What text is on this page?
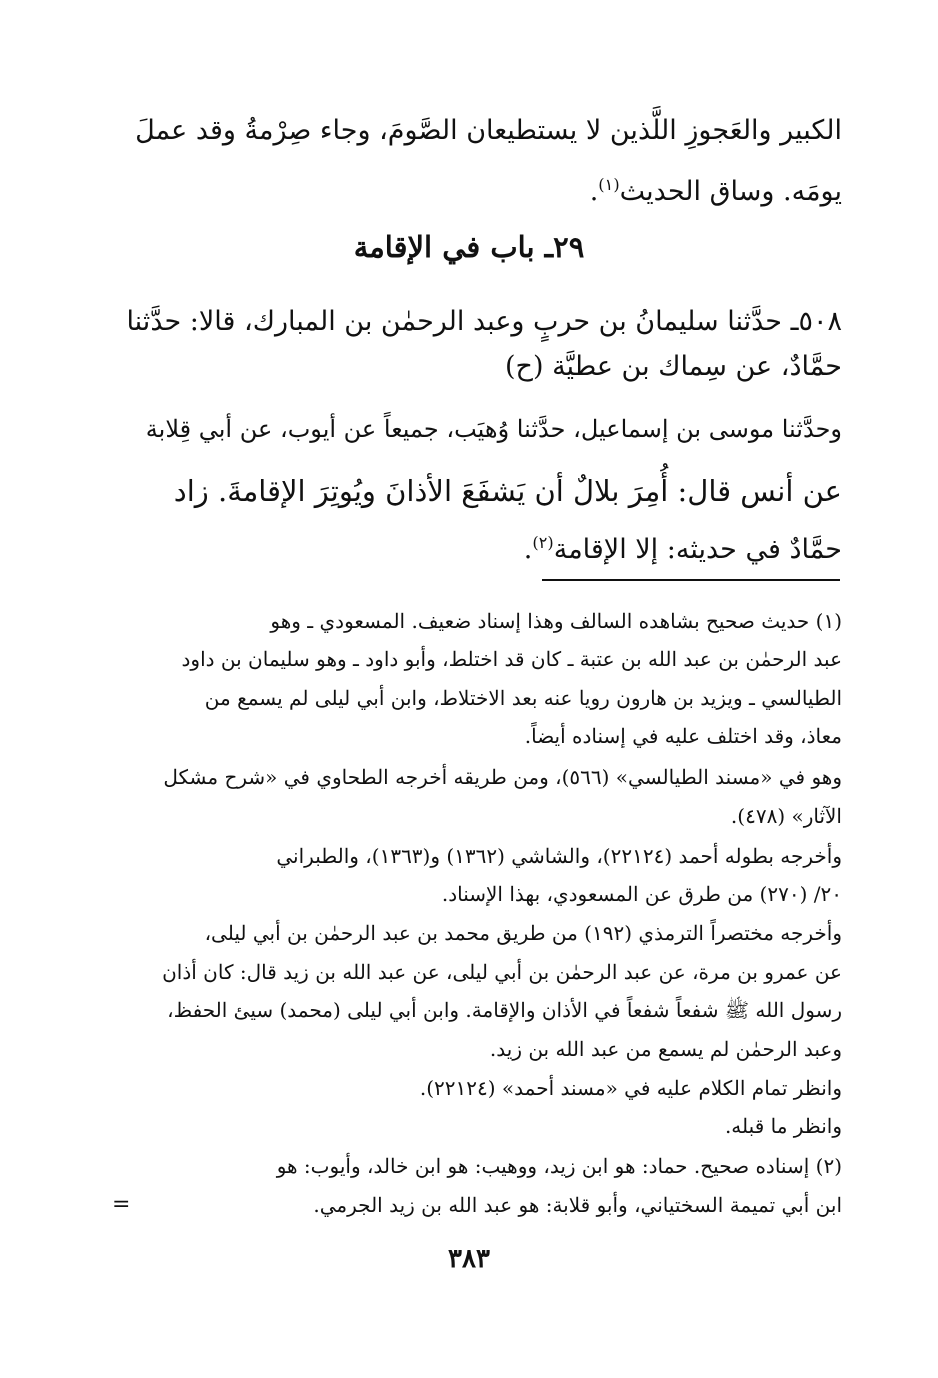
الكبير والعَجوزِ اللَّذين لا يستطيعان الصَّومَ، وجاء صِرْمةُ وقد عملَ
يومَه. وساق الحديث$^{(١)}$.
٢٩ـ باب في الإقامة
٥٠٨ـ حدَّثنا سليمانُ بن حربٍ وعبد الرحمٰن بن المبارك، قالا: حدَّثنا
حمَّادٌ، عن سِماك بن عطيَّة (ح)
وحدَّثنا موسى بن إسماعيل، حدَّثنا وُهيَب، جميعاً عن أيوب، عن أبي قِلابة
عن أنس قال: أُمِرَ بلالٌ أن يَشفَعَ الأذانَ ويُوتِرَ الإقامةَ. زاد
حمَّادٌ في حديثه: إلا الإقامة$^{(٢)}$.
(١) حديث صحيح بشاهده السالف وهذا إسناد ضعيف. المسعودي ـ وهو
عبد الرحمٰن بن عبد الله بن عتبة ـ كان قد اختلط، وأبو داود ـ وهو سليمان بن داود
الطيالسي ـ ويزيد بن هارون رويا عنه بعد الاختلاط، وابن أبي ليلى لم يسمع من
معاذ، وقد اختلف عليه في إسناده أيضاً.
وهو في «مسند الطيالسي» (٥٦٦)، ومن طريقه أخرجه الطحاوي في «شرح مشكل
الآثار» (٤٧٨).
وأخرجه بطوله أحمد (٢٢١٢٤)، والشاشي (١٣٦٢) و(١٣٦٣)، والطبراني
٢٠/ (٢٧٠) من طرق عن المسعودي، بهذا الإسناد.
وأخرجه مختصراً الترمذي (١٩٢) من طريق محمد بن عبد الرحمٰن بن أبي ليلى،
عن عمرو بن مرة، عن عبد الرحمٰن بن أبي ليلى، عن عبد الله بن زيد قال: كان أذان
رسول الله ﷺ شفعاً شفعاً في الأذان والإقامة. وابن أبي ليلى (محمد) سيئ الحفظ،
وعبد الرحمٰن لم يسمع من عبد الله بن زيد.
وانظر تمام الكلام عليه في «مسند أحمد» (٢٢١٢٤).
وانظر ما قبله.
(٢) إسناده صحيح. حماد: هو ابن زيد، ووهيب: هو ابن خالد، وأيوب: هو
ابن أبي تميمة السختياني، وأبو قلابة: هو عبد الله بن زيد الجرمي.
=
٣٨٣
